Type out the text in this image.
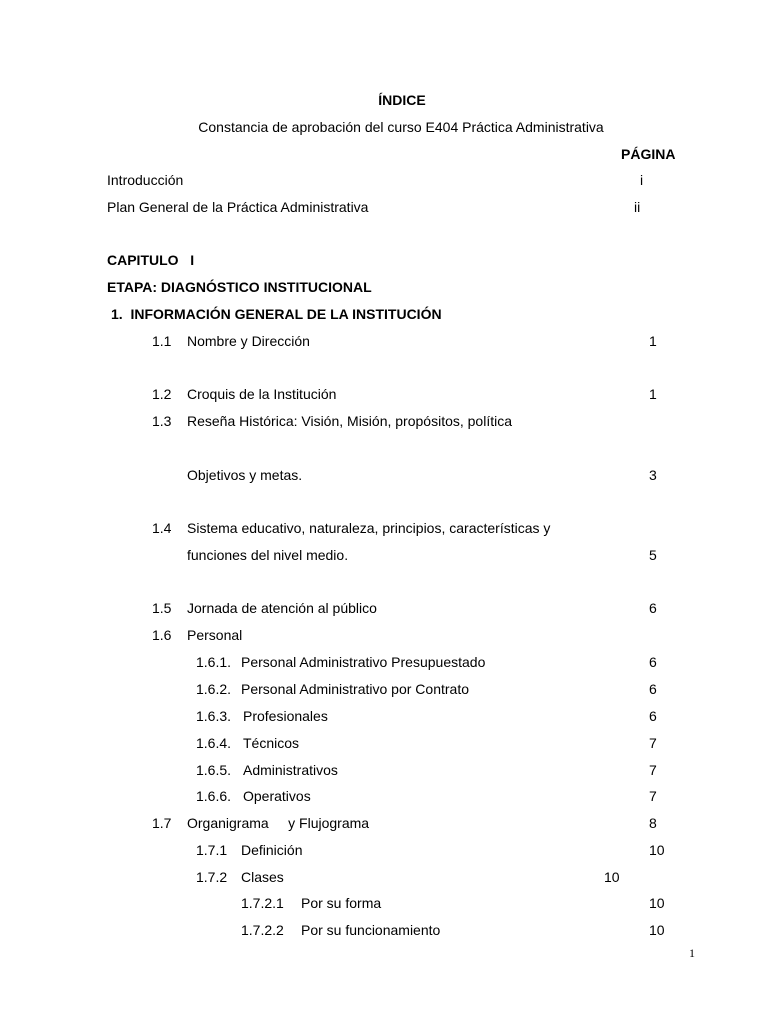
ÍNDICE
Constancia de aprobación del curso E404 Práctica Administrativa
PÁGINA
Introducción	i
Plan General de la Práctica Administrativa	ii
CAPITULO   I
ETAPA: DIAGNÓSTICO INSTITUCIONAL
1.  INFORMACIÓN GENERAL DE LA INSTITUCIÓN
1.1 Nombre y Dirección	1
1.2 Croquis de la Institución	1
1.3 Reseña Histórica: Visión, Misión, propósitos, política
Objetivos y metas.	3
1.4 Sistema educativo, naturaleza, principios, características y
funciones del nivel medio.	5
1.5 Jornada de atención al público	6
1.6 Personal
1.6.1. Personal Administrativo Presupuestado	6
1.6.2. Personal Administrativo por Contrato	6
1.6.3. Profesionales	6
1.6.4. Técnicos	7
1.6.5. Administrativos	7
1.6.6. Operativos	7
1.7 Organigrama     y Flujograma	8
1.7.1 Definición	10
1.7.2 Clases	10
1.7.2.1 Por su forma	10
1.7.2.2 Por su funcionamiento	10
1
